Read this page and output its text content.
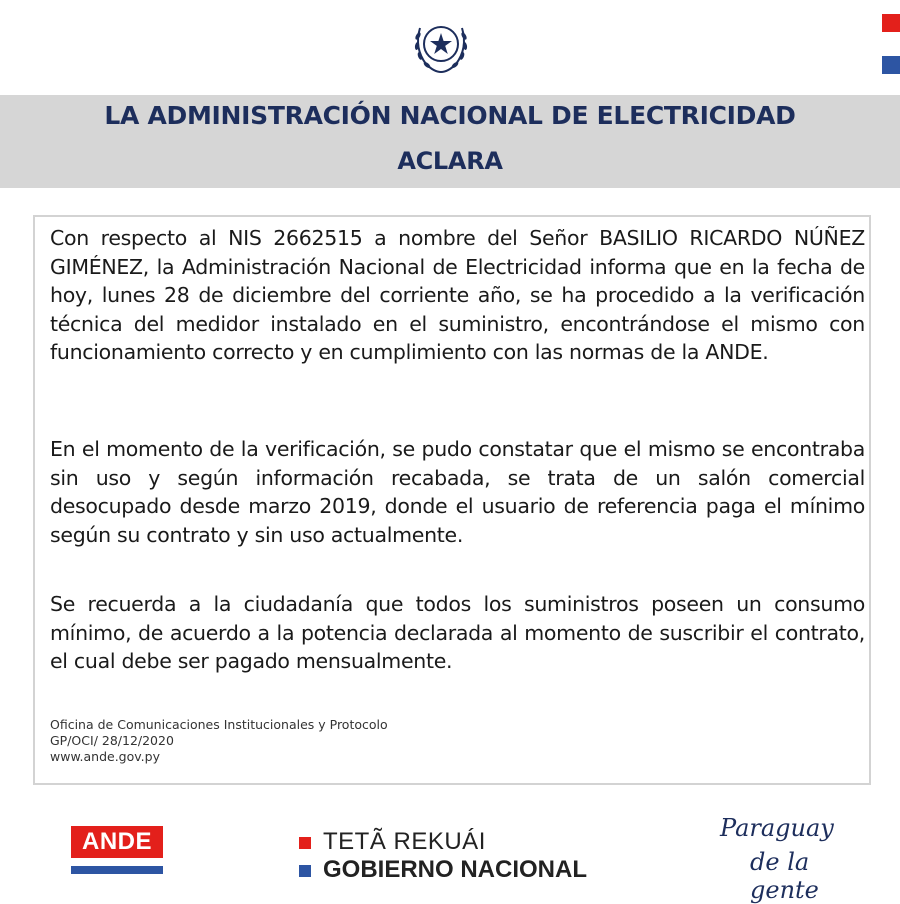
LA ADMINISTRACIÓN NACIONAL DE ELECTRICIDAD
ACLARA

Con respecto al NIS 2662515 a nombre del Señor BASILIO RICARDO NÚÑEZ GIMÉNEZ, la Administración Nacional de Electricidad informa que en la fecha de hoy, lunes 28 de diciembre del corriente año, se ha procedido a la verificación técnica del medidor instalado en el suministro, encontrándose el mismo con funcionamiento correcto y en cumplimiento con las normas de la ANDE.

En el momento de la verificación, se pudo constatar que el mismo se encontraba sin uso y según información recabada, se trata de un salón comercial desocupado desde marzo 2019, donde el usuario de referencia paga el mínimo según su contrato y sin uso actualmente.

Se recuerda a la ciudadanía que todos los suministros poseen un consumo mínimo, de acuerdo a la potencia declarada al momento de suscribir el contrato, el cual debe ser pagado mensualmente.

Oficina de Comunicaciones Institucionales y Protocolo
GP/OCI/ 28/12/2020
www.ande.gov.py
ANDE	TETÃ REKUÁI
GOBIERNO NACIONAL
Paraguay
de la gente
